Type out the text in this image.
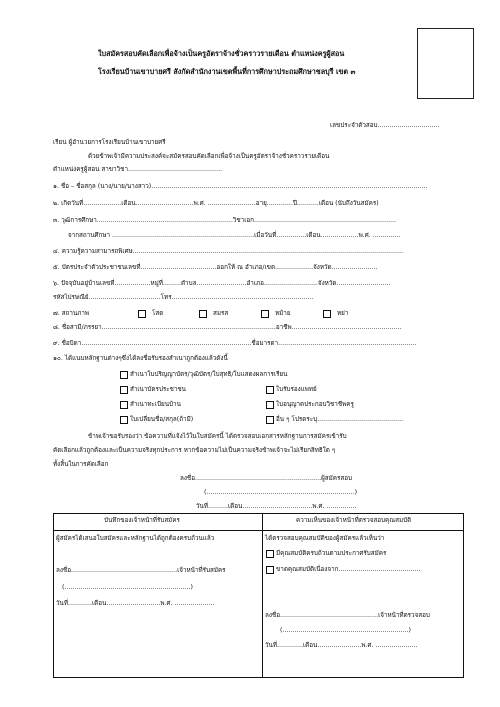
ใบสมัครสอบคัดเลือกเพื่อจ้างเป็นครูอัตราจ้างชั่วคราวรายเดือน ตำแหน่งครูผู้สอน
โรงเรียนบ้านเขาบายศรี สังกัดสำนักงานเขตพื้นที่การศึกษาประถมศึกษาชลบุรี เขต ๓
เลขประจำตัวสอบ...............................
เรียน ผู้อำนวยการโรงเรียนบ้านเขาบายศรี
ด้วยข้าพเจ้ามีความประสงค์จะสมัครสอบคัดเลือกเพื่อจ้างเป็นครูอัตราจ้างชั่วคราวรายเดือน
ตำแหน่งครูผู้สอน สาขาวิชา...............................................
๑. ชื่อ – ชื่อสกุล (นาง/นาย/นางสาว)..........................................................................................................................................
๒. เกิดวันที่...................เดือน.............................พ.ศ. ........................อายุ.............ปี...........เดือน (นับถึงวันสมัคร)
๓. วุฒิการศึกษา....................................................................วิชาเอก.......................................................................
จากสถานศึกษา .......................................................................เมื่อวันที่...............เดือน...................พ.ศ. ..............
๔. ความรู้ความสามารถพิเศษ.......................................................................................................................................
๕. บัตรประจำตัวประชาชนเลขที่......................................ออกให้ ณ อำเภอ/เขต...................จังหวัด.......................
๖. ปัจจุบันอยู่บ้านเลขที่..................หมู่ที่.........ตำบล.........................อำเภอ...........................จังหวัด...........................
รหัสไปรษณีย์....................................โทร.......................................................................
๗. สถานภาพ	โสด	สมรส	หม้าย	หย่า
๘. ชื่อสามี/ภรรยา.......................................................................................อาชีพ.......................................................
๙. ชื่อบิดา.....................................................................................ชื่อมารดา.....................................................................
๑๐. ได้แนบหลักฐานต่างๆซึ่งได้ลงชื่อรับรองสำเนาถูกต้องแล้วดังนี้
สำเนาใบปริญญาบัตร/วุฒิบัตร/ใบสุทธิ/ใบแสดงผลการเรียน
สำเนาบัตรประชาชน
สำเนาทะเบียนบ้าน
ใบเปลี่ยนชื่อ/สกุล(ถ้ามี)
ใบรับรองแพทย์
ใบอนุญาตประกอบวิชาชีพครู
อื่น ๆ โปรดระบุ...........................................
ข้าพเจ้าขอรับรองว่า ข้อความที่แจ้งไว้ในใบสมัครนี้ ได้ตรวจสอบเอกสารหลักฐานการสมัครเข้ารับ
คัดเลือกแล้วถูกต้องและเป็นความจริงทุกประการ หากข้อความไม่เป็นความจริงข้าพเจ้าจะไม่เรียกสิทธิใด ๆ
ทั้งสิ้นในการคัดเลือก
ลงชื่อ...............................................................ผู้สมัครสอบ
(..........................................................................)
วันที่..........เดือน...................................พ.ศ. ...............
บันทึกของเจ้าหน้าที่รับสมัคร	ความเห็นของเจ้าหน้าที่ตรวจสอบคุณสมบัติ
ผู้สมัครได้เสนอใบสมัครและหลักฐานได้ถูกต้องครบถ้วนแล้ว
ลงชื่อ.....................................................เจ้าหน้าที่รับสมัคร
(...............................................................)
วันที่............เดือน...........................พ.ศ. ....................
ได้ตรวจสอบคุณสมบัติของผู้สมัครแล้วเห็นว่า
มีคุณสมบัติครบถ้วนตามประกาศรับสมัคร
ขาดคุณสมบัติเนื่องจาก.........................................
ลงชื่อ.................................................เจ้าหน้าที่ตรวจสอบ
(...............................................................)
วันที่.............เดือน......................พ.ศ. .....................
